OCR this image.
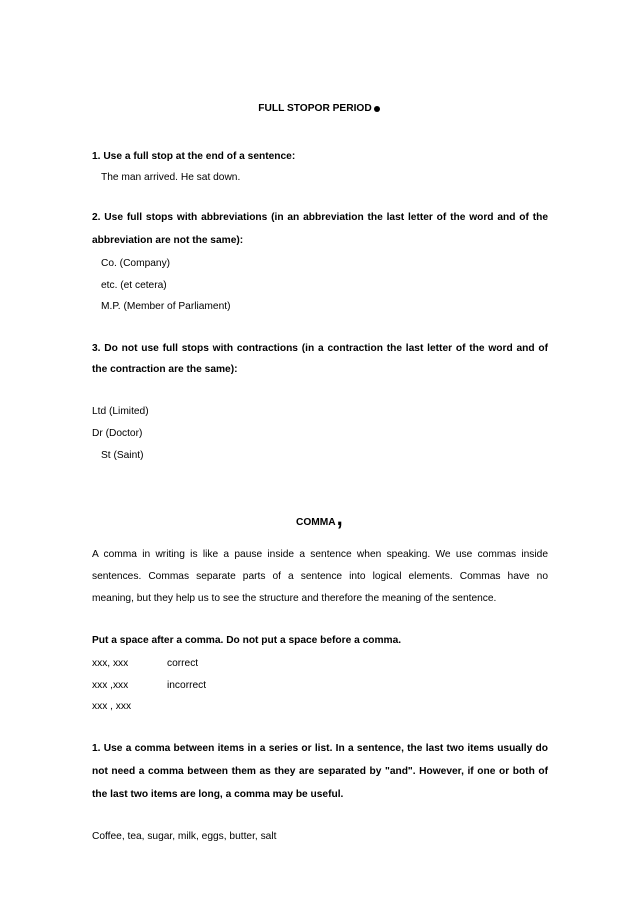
FULL STOPOR PERIOD
1. Use a full stop at the end of a sentence:
The man arrived. He sat down.
2. Use full stops with abbreviations (in an abbreviation the last letter of the word and of the
abbreviation are not the same):
Co. (Company)
etc. (et cetera)
M.P. (Member of Parliament)
3. Do not use full stops with contractions (in a contraction the last letter of the word and of
the contraction are the same):
Ltd (Limited)
Dr (Doctor)
St (Saint)
COMMA,
A comma in writing is like a pause inside a sentence when speaking. We use commas inside
sentences. Commas separate parts of a sentence into logical elements. Commas have no
meaning, but they help us to see the structure and therefore the meaning of the sentence.
Put a space after a comma. Do not put a space before a comma.
xxx, xxx	correct
xxx ,xxx	incorrect
xxx , xxx
1. Use a comma between items in a series or list. In a sentence, the last two items usually do
not need a comma between them as they are separated by "and". However, if one or both of
the last two items are long, a comma may be useful.
Coffee, tea, sugar, milk, eggs, butter, salt
